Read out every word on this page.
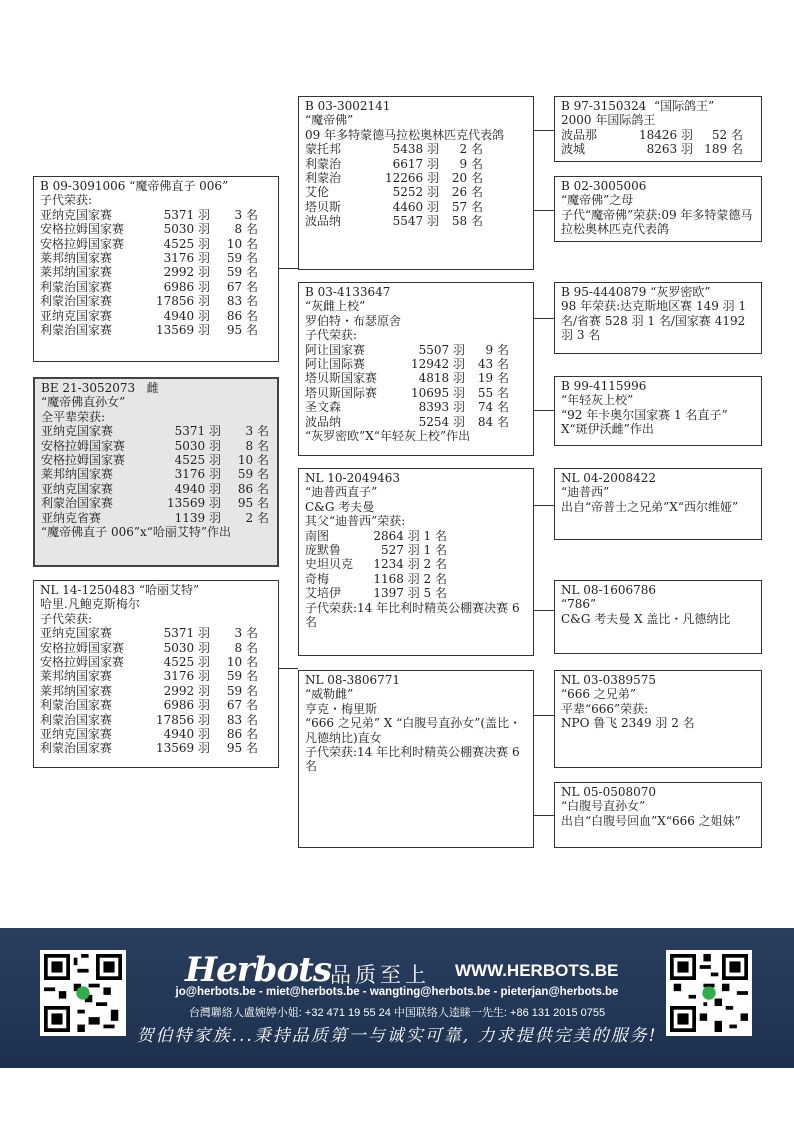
B 09-3091006 “魔帝佛直子 006”
子代荣获:
亚纳克国家赛	5371 羽	3 名
安格拉姆国家赛	5030 羽	8 名
安格拉姆国家赛	4525 羽	10 名
莱邦纳国家赛	3176 羽	59 名
莱邦纳国家赛	2992 羽	59 名
利蒙治国家赛	6986 羽	67 名
利蒙治国家赛	17856 羽	83 名
亚纳克国家赛	4940 羽	86 名
利蒙治国家赛	13569 羽	95 名
BE 21-3052073   雌
“魔帝佛直孙女”
全平辈荣获:
亚纳克国家赛	5371 羽	3 名
安格拉姆国家赛	5030 羽	8 名
安格拉姆国家赛	4525 羽	10 名
莱邦纳国家赛	3176 羽	59 名
亚纳克国家赛	4940 羽	86 名
利蒙治国家赛	13569 羽	95 名
亚纳克省赛	1139 羽	2 名
“魔帝佛直子 006”x“哈丽艾特”作出
NL 14-1250483 “哈丽艾特”
哈里.凡鲍克斯梅尔
子代荣获:
亚纳克国家赛	5371 羽	3 名
安格拉姆国家赛	5030 羽	8 名
安格拉姆国家赛	4525 羽	10 名
莱邦纳国家赛	3176 羽	59 名
莱邦纳国家赛	2992 羽	59 名
利蒙治国家赛	6986 羽	67 名
利蒙治国家赛	17856 羽	83 名
亚纳克国家赛	4940 羽	86 名
利蒙治国家赛	13569 羽	95 名
B 03-3002141
“魔帝佛”
09 年多特蒙德马拉松奥林匹克代表鸽
蒙托邦	5438 羽	2 名
利蒙治	6617 羽	9 名
利蒙治	12266 羽	20 名
艾伦	5252 羽	26 名
塔贝斯	4460 羽	57 名
波品纳	5547 羽	58 名
B 03-4133647
“灰雌上校”
罗伯特・布瑟原舍
子代荣获:
阿让国家赛	5507 羽	9 名
阿让国际赛	12942 羽	43 名
塔贝斯国家赛	4818 羽	19 名
塔贝斯国际赛	10695 羽	55 名
圣文森	8393 羽	74 名
波品纳	5254 羽	84 名
“灰罗密欧”X“年轻灰上校”作出
NL 10-2049463
“迪普西直子”
C&G 考夫曼
其父“迪普西”荣获:
南图	2864 羽 1 名
庞默鲁	527 羽 1 名
史坦贝克	1234 羽 2 名
奇梅	1168 羽 2 名
艾培伊	1397 羽 5 名
子代荣获:14 年比利时精英公棚赛决赛 6 名
NL 08-3806771
“威勒雌”
亨克・梅里斯
“666 之兄弟” X “白腹号直孙女”(盖比・凡德纳比)直女
子代荣获:14 年比利时精英公棚赛决赛 6 名
B 97-3150324  “国际鸽王”
2000 年国际鸽王
波品那	18426 羽	52 名
波城	8263 羽 189 名
B 02-3005006
“魔帝佛”之母
子代“魔帝佛”荣获:09 年多特蒙德马拉松奥林匹克代表鸽
B 95-4440879 “灰罗密欧”
98 年荣获:达克斯地区赛 149 羽 1 名/省赛 528 羽 1 名/国家赛 4192 羽 3 名
B 99-4115996
“年轻灰上校”
“92 年卡奥尔国家赛 1 名直子” X“斑伊沃雌”作出
NL 04-2008422
“迪普西”
出自“帝普士之兄弟”X“西尔维娅”
NL 08-1606786
“786”
C&G 考夫曼 X 盖比・凡德纳比
NL 03-0389575
“666 之兄弟”
平辈“666”荣获:
NPO 鲁飞 2349 羽 2 名
NL 05-0508070
“白腹号直孙女”
出自“白腹号回血”X“666 之姐妹”
Herbots 品质至上 WWW.HERBOTS.BE
jo@herbots.be - miet@herbots.be - wangting@herbots.be - pieterjan@herbots.be
台灣聯絡人盧婉婷小姐: +32 471 19 55 24 中国联络人逵睐一先生: +86 131 2015 0755
贺伯特家族...秉持品质第一与诚实可靠, 力求提供完美的服务!
